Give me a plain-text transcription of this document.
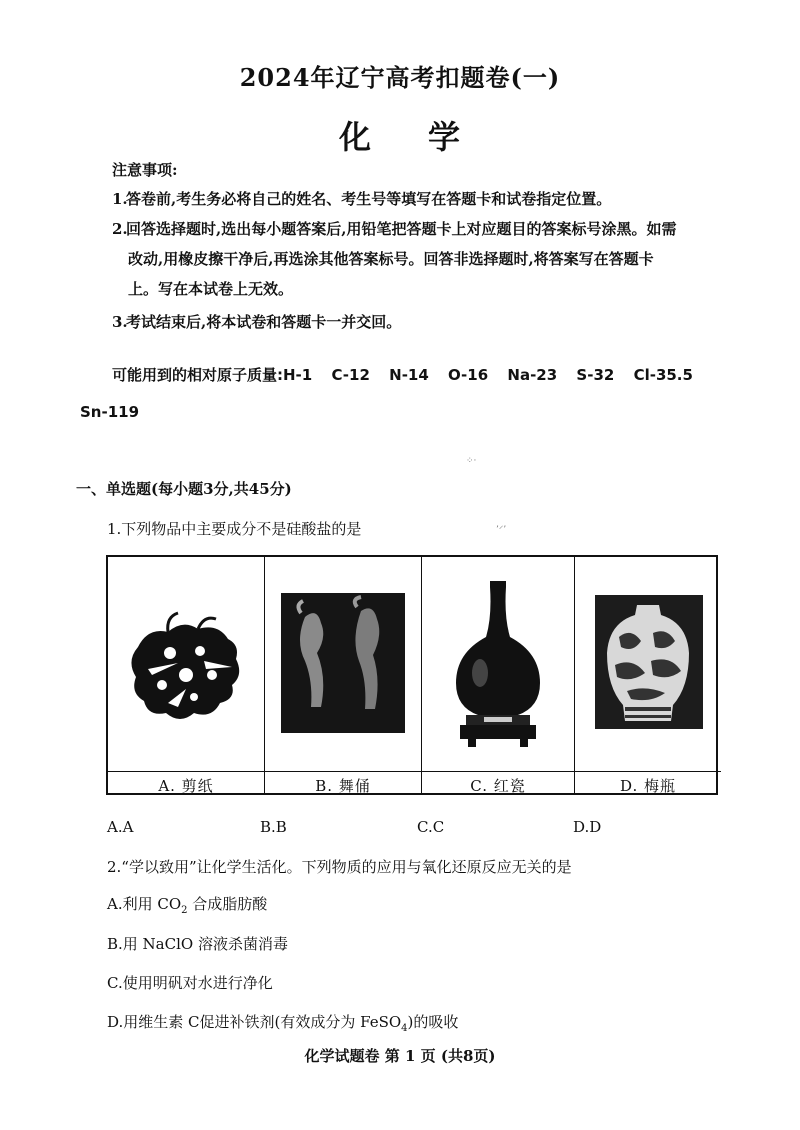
2024年辽宁高考扣题卷(一)
化 学
注意事项:
1.答卷前,考生务必将自己的姓名、考生号等填写在答题卡和试卷指定位置。
2.回答选择题时,选出每小题答案后,用铅笔把答题卡上对应题目的答案标号涂黑。如需
改动,用橡皮擦干净后,再选涂其他答案标号。回答非选择题时,将答案写在答题卡
上。写在本试卷上无效。
3.考试结束后,将本试卷和答题卡一并交回。
可能用到的相对原子质量:H-1 C-12 N-14 O-16 Na-23 S-32 Cl-35.5
Sn-119
⁘·
ʼ⸍ʼ
一、单选题(每小题3分,共45分)
1.下列物品中主要成分不是硅酸盐的是
A. 剪纸	B. 舞俑	C. 红瓷	D. 梅瓶
A.A	B.B	C.C	D.D
2.“学以致用”让化学生活化。下列物质的应用与氧化还原反应无关的是
A.利用 $CO_2$ 合成脂肪酸
B.用 NaClO 溶液杀菌消毒
C.使用明矾对水进行净化
D.用维生素 C促进补铁剂(有效成分为 FeSO$_4$)的吸收
化学试题卷 第 1 页 (共8页)
